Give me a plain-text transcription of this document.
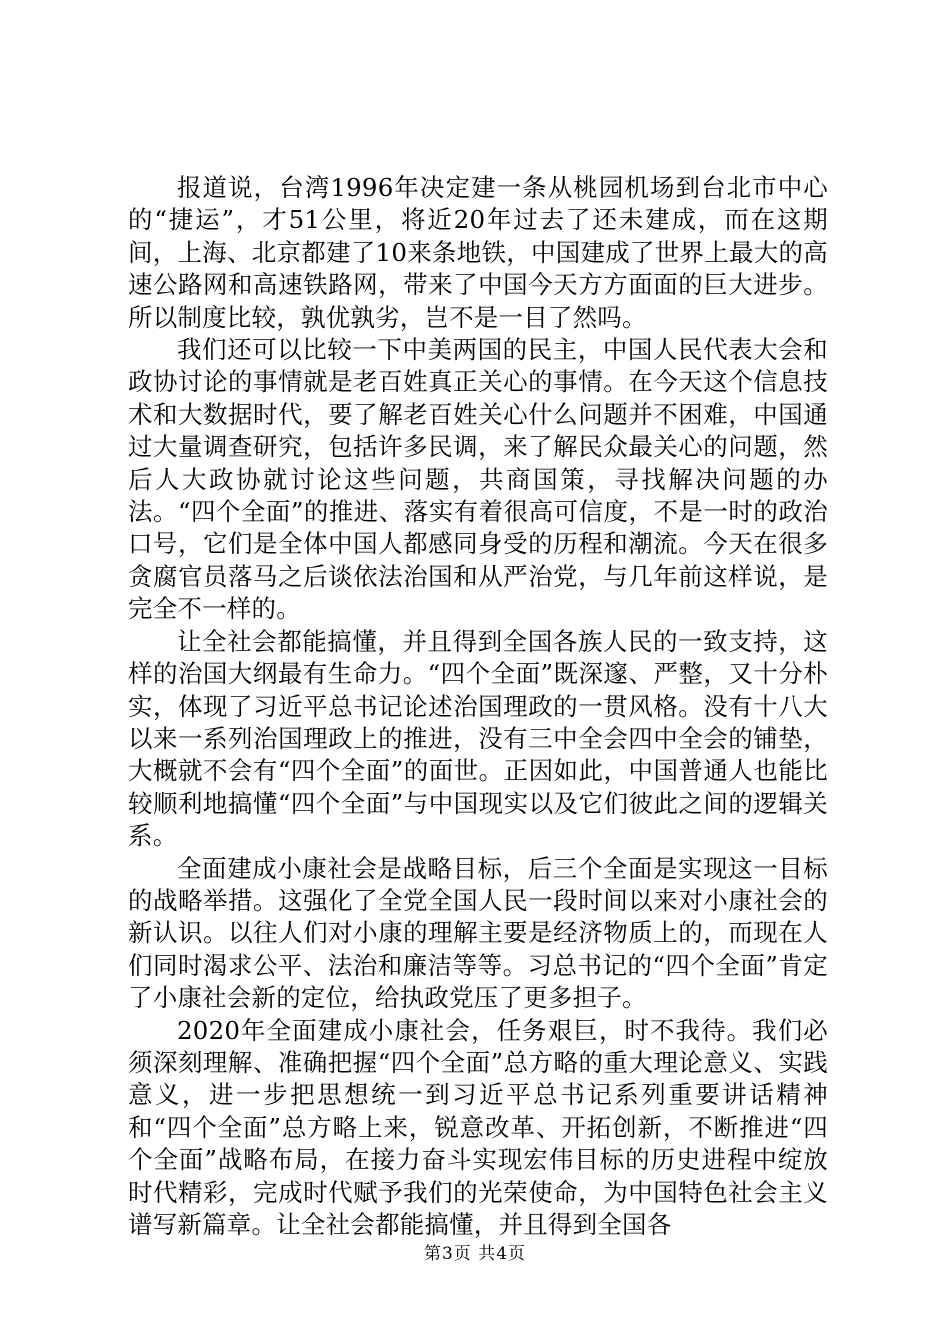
报道说，台湾1996年决定建一条从桃园机场到台北市中心的“捷运”，才51公里，将近20年过去了还未建成，而在这期间，上海、北京都建了10来条地铁，中国建成了世界上最大的高速公路网和高速铁路网，带来了中国今天方方面面的巨大进步。所以制度比较，孰优孰劣，岂不是一目了然吗。

我们还可以比较一下中美两国的民主，中国人民代表大会和政协讨论的事情就是老百姓真正关心的事情。在今天这个信息技术和大数据时代，要了解老百姓关心什么问题并不困难，中国通过大量调查研究，包括许多民调，来了解民众最关心的问题，然后人大政协就讨论这些问题，共商国策，寻找解决问题的办法。“四个全面”的推进、落实有着很高可信度，不是一时的政治口号，它们是全体中国人都感同身受的历程和潮流。今天在很多贪腐官员落马之后谈依法治国和从严治党，与几年前这样说，是完全不一样的。

让全社会都能搞懂，并且得到全国各族人民的一致支持，这样的治国大纲最有生命力。“四个全面”既深邃、严整，又十分朴实，体现了习近平总书记论述治国理政的一贯风格。没有十八大以来一系列治国理政上的推进，没有三中全会四中全会的铺垫，大概就不会有“四个全面”的面世。正因如此，中国普通人也能比较顺利地搞懂“四个全面”与中国现实以及它们彼此之间的逻辑关系。

全面建成小康社会是战略目标，后三个全面是实现这一目标的战略举措。这强化了全党全国人民一段时间以来对小康社会的新认识。以往人们对小康的理解主要是经济物质上的，而现在人们同时渴求公平、法治和廉洁等等。习总书记的“四个全面”肯定了小康社会新的定位，给执政党压了更多担子。

2020年全面建成小康社会，任务艰巨，时不我待。我们必须深刻理解、准确把握“四个全面”总方略的重大理论意义、实践意义，进一步把思想统一到习近平总书记系列重要讲话精神和“四个全面”总方略上来，锐意改革、开拓创新，不断推进“四个全面”战略布局，在接力奋斗实现宏伟目标的历史进程中绽放时代精彩，完成时代赋予我们的光荣使命，为中国特色社会主义谱写新篇章。让全社会都能搞懂，并且得到全国各

第3页 共4页
